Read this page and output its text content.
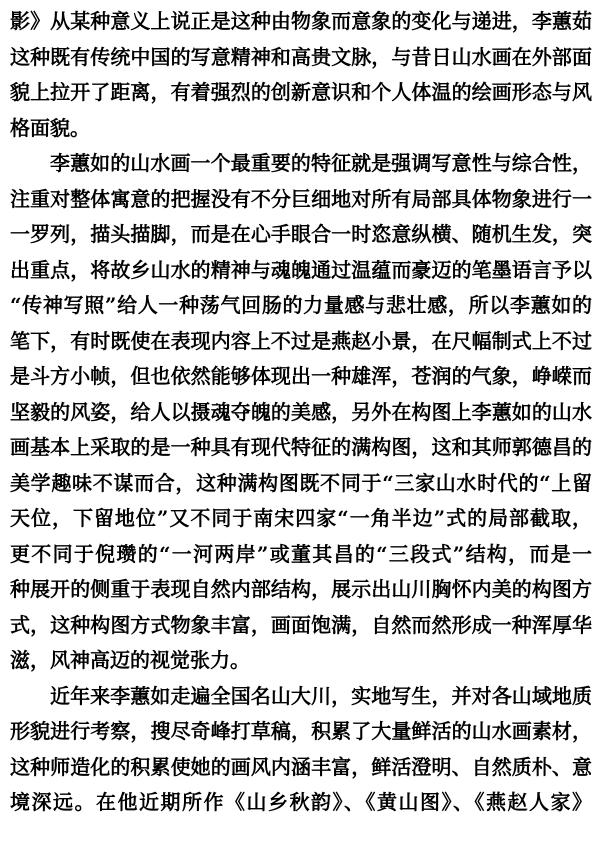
影》从某种意义上说正是这种由物象而意象的变化与递进，李蕙茹
这种既有传统中国的写意精神和高贵文脉，与昔日山水画在外部面
貌上拉开了距离，有着强烈的创新意识和个人体温的绘画形态与风
格面貌。
李蕙如的山水画一个最重要的特征就是强调写意性与综合性，
注重对整体寓意的把握没有不分巨细地对所有局部具体物象进行一
一罗列，描头描脚，而是在心手眼合一时恣意纵横、随机生发，突
出重点，将故乡山水的精神与魂魄通过温蕴而豪迈的笔墨语言予以
“传神写照”给人一种荡气回肠的力量感与悲壮感，所以李蕙如的
笔下，有时既使在表现内容上不过是燕赵小景，在尺幅制式上不过
是斗方小帧，但也依然能够体现出一种雄浑，苍润的气象，峥嵘而
坚毅的风姿，给人以摄魂夺魄的美感，另外在构图上李蕙如的山水
画基本上采取的是一种具有现代特征的满构图，这和其师郭德昌的
美学趣味不谋而合，这种满构图既不同于“三家山水时代的“上留
天位，下留地位”又不同于南宋四家“一角半边”式的局部截取，
更不同于倪瓒的“一河两岸”或董其昌的“三段式”结构，而是一
种展开的侧重于表现自然内部结构，展示出山川胸怀内美的构图方
式，这种构图方式物象丰富，画面饱满，自然而然形成一种浑厚华
滋，风神高迈的视觉张力。
近年来李蕙如走遍全国名山大川，实地写生，并对各山域地质
形貌进行考察，搜尽奇峰打草稿，积累了大量鲜活的山水画素材，
这种师造化的积累使她的画风内涵丰富，鲜活澄明、自然质朴、意
境深远。在他近期所作《山乡秋韵》、《黄山图》、《燕赵人家》
